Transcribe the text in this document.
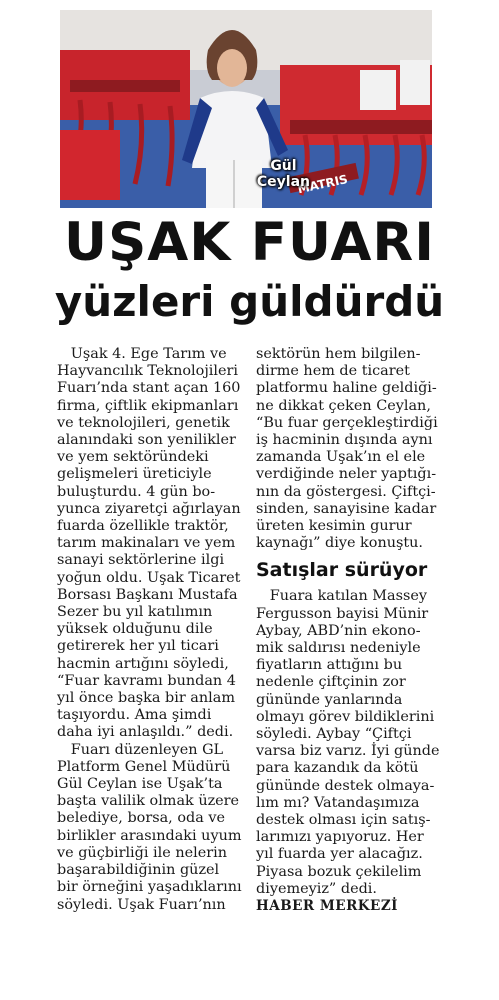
MATRIS
Gül
Ceylan
UŞAK FUARI
yüzleri güldürdü

Uşak 4. Ege Tarım ve

Hayvancılık Teknolojileri

Fuarı’nda stant açan 160

firma, çiftlik ekipmanları

ve teknolojileri, genetik

alanındaki son yenilikler

ve yem sektöründeki

gelişmeleri üreticiyle

buluşturdu. 4 gün bo-

yunca ziyaretçi ağırlayan

fuarda özellikle traktör,

tarım makinaları ve yem

sanayi sektörlerine ilgi

yoğun oldu. Uşak Ticaret

Borsası Başkanı Mustafa

Sezer bu yıl katılımın

yüksek olduğunu dile

getirerek her yıl ticari

hacmin artığını söyledi,

“Fuar kavramı bundan 4

yıl önce başka bir anlam

taşıyordu. Ama şimdi

daha iyi anlaşıldı.” dedi.

Fuarı düzenleyen GL

Platform Genel Müdürü

Gül Ceylan ise Uşak’ta

başta valilik olmak üzere

belediye, borsa, oda ve

birlikler arasındaki uyum

ve güçbirliği ile nelerin

başarabildiğinin güzel

bir örneğini yaşadıklarını

söyledi. Uşak Fuarı’nın

sektörün hem bilgilen-

dirme hem de ticaret

platformu haline geldiği-

ne dikkat çeken Ceylan,

“Bu fuar gerçekleştirdiği

iş hacminin dışında aynı

zamanda Uşak’ın el ele

verdiğinde neler yaptığı-

nın da göstergesi. Çiftçi-

sinden, sanayisine kadar

üreten kesimin gurur

kaynağı” diye konuştu.

Satışlar sürüyor

Fuara katılan Massey

Fergusson bayisi Münir

Aybay, ABD’nin ekono-

mik saldırısı nedeniyle

fiyatların attığını bu

nedenle çiftçinin zor

gününde yanlarında

olmayı görev bildiklerini

söyledi. Aybay “Çiftçi

varsa biz varız. İyi günde

para kazandık da kötü

gününde destek olmaya-

lım mı? Vatandaşımıza

destek olması için satış-

larımızı yapıyoruz. Her

yıl fuarda yer alacağız.

Piyasa bozuk çekilelim

diyemeyiz” dedi.

HABER MERKEZİ
